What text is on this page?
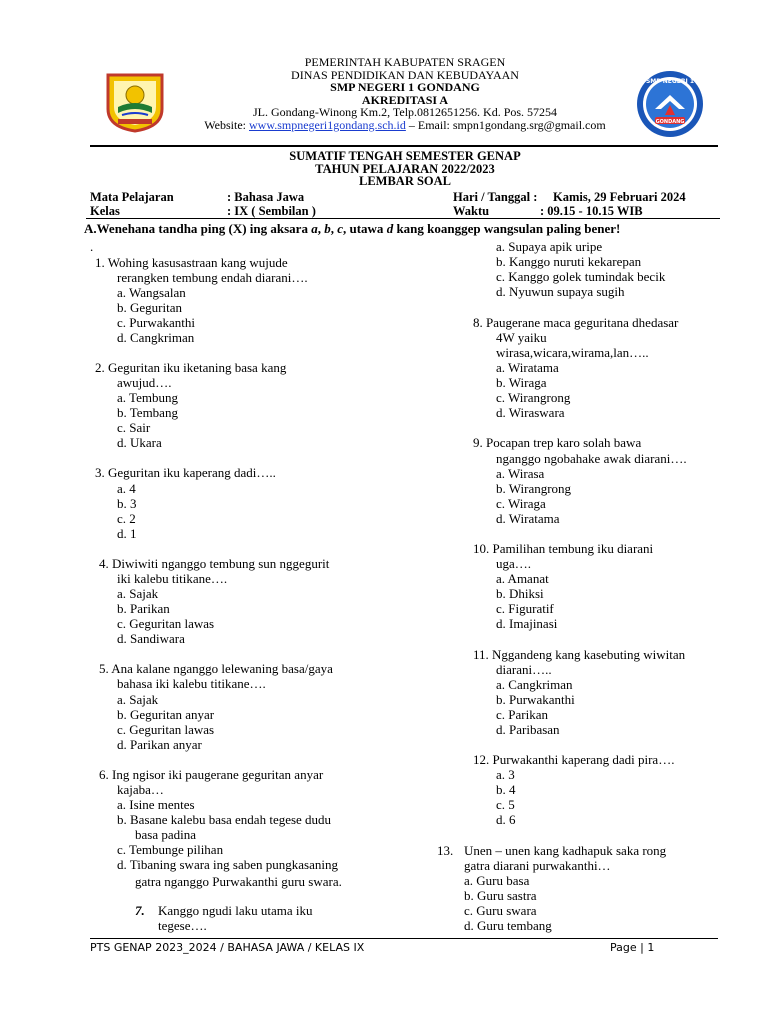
SMP NEGERI 1
GONDANG
PEMERINTAH KABUPATEN SRAGEN
DINAS PENDIDIKAN DAN KEBUDAYAAN
SMP NEGERI 1 GONDANG
AKREDITASI A
JL. Gondang-Winong Km.2, Telp.0812651256. Kd. Pos. 57254
Website: www.smpnegeri1gondang.sch.id – Email: smpn1gondang.srg@gmail.com
SUMATIF TENGAH SEMESTER GENAP
TAHUN PELAJARAN 2022/2023
LEMBAR SOAL
Mata Pelajaran	: Bahasa Jawa
Kelas	: IX ( Sembilan )
Hari / Tanggal : Kamis, 29 Februari 2024
Waktu	: 09.15 - 10.15 WIB
A.Wenehana tandha ping (X) ing aksara a, b, c, utawa d kang koanggep wangsulan paling bener!
.
1. Wohing kasusastraan kang wujude
rerangken tembung endah diarani….
a. Wangsalan
b. Geguritan
c. Purwakanthi
d. Cangkriman
2. Geguritan iku iketaning basa kang
awujud….
a. Tembung
b. Tembang
c. Sair
d. Ukara
3. Geguritan iku kaperang dadi…..
a. 4
b. 3
c. 2
d. 1
4. Diwiwiti nganggo tembung sun nggegurit
iki kalebu titikane….
a. Sajak
b. Parikan
c. Geguritan lawas
d. Sandiwara
5. Ana kalane nganggo lelewaning basa/gaya
bahasa iki kalebu titikane….
a. Sajak
b. Geguritan anyar
c. Geguritan lawas
d. Parikan anyar
6. Ing ngisor iki paugerane geguritan anyar
kajaba…
a. Isine mentes
b. Basane kalebu basa endah tegese dudu
basa padina
c. Tembunge pilihan
d. Tibaning swara ing saben pungkasaning
gatra nganggo Purwakanthi guru swara.
7. Kanggo ngudi laku utama iku
tegese….
a. Supaya apik uripe
b. Kanggo nuruti kekarepan
c. Kanggo golek tumindak becik
d. Nyuwun supaya sugih
8. Paugerane maca geguritana dhedasar
4W yaiku
wirasa,wicara,wirama,lan…..
a. Wiratama
b. Wiraga
c. Wirangrong
d. Wiraswara
9. Pocapan trep karo solah bawa
nganggo ngobahake awak diarani….
a. Wirasa
b. Wirangrong
c. Wiraga
d. Wiratama
10. Pamilihan tembung iku diarani
uga….
a. Amanat
b. Dhiksi
c. Figuratif
d. Imajinasi
11. Nggandeng kang kasebuting wiwitan
diarani…..
a. Cangkriman
b. Purwakanthi
c. Parikan
d. Paribasan
12. Purwakanthi kaperang dadi pira….
a. 3
b. 4
c. 5
d. 6
13. Unen – unen kang kadhapuk saka rong
gatra diarani purwakanthi…
a. Guru basa
b. Guru sastra
c. Guru swara
d. Guru tembang
PTS GENAP 2023_2024 / BAHASA JAWA / KELAS IX	Page | 1
